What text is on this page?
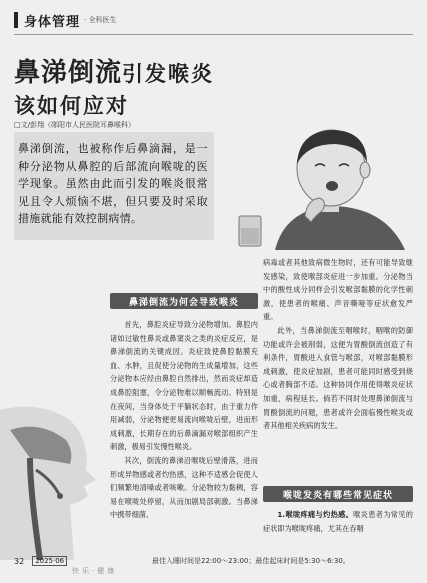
身体管理 · 全科医生
鼻涕倒流引发喉炎
该如何应对
□文/彭翔（郧阳市人民医院耳鼻喉科）
鼻涕倒流，也被称作后鼻滴漏，是一种分泌物从鼻腔的后部流向喉咙的医学现象。虽然由此而引发的喉炎很常见且令人烦恼不堪，但只要及时采取措施就能有效控制病情。
鼻涕倒流为何会导致喉炎

首先，鼻腔炎症导致分泌物增加。鼻腔内诸如过敏性鼻炎或鼻窦炎之类的炎症反应，是鼻涕倒流的关键成因。炎症致使鼻腔黏膜充血、水肿，且促使分泌物的生成量增加，这些分泌物本应经由鼻腔自然排出，然而炎症却造成鼻腔阻塞，令分泌物难以顺畅流动。特别是在夜间，当身体处于平躺状态时，由于重力作用减弱，分泌物便更易流向喉咙后壁，进而形成刺激，长期存在的后鼻滴漏对喉部组织产生刺激，极易引发慢性喉炎。

其次，倒流的鼻涕沿喉咙后壁滑落，进而形成异物感或者灼热感，这种不适感会促使人们频繁地清嗓或者咳嗽。分泌物较为黏稠，容易在喉咙处停留，从而加剧局部刺激。当鼻涕中携带细菌、

病毒或者其他致病微生物时，还有可能导致继发感染，致使喉部炎症进一步加重。分泌物当中的酸性成分同样会引发喉部黏膜的化学性刺激，使患者的喉痛、声音嘶哑等症状愈发严重。

此外，当鼻涕倒流至咽喉时，咽喉的防御功能或许会被削弱，这便为胃酸倒流创造了有利条件，胃酸进入食管与喉部，对喉部黏膜形成刺激，使炎症加剧，患者可能同时感受到烧心或者胸部不适。这种协同作用使得喉炎症状加重，病程延长。倘若不同时处理鼻涕倒流与胃酸倒流的问题，患者或许会面临慢性喉炎或者其他相关疾病的发生。

喉咙发炎有哪些常见症状

1.喉咙疼痛与灼热感。喉炎患者为常见的症状即为喉咙疼痛，尤其在吞咽

32	2025·06	最佳入睡时间是22:00～23:00；最佳起床时间是5:30～6:30。
快乐·健康
